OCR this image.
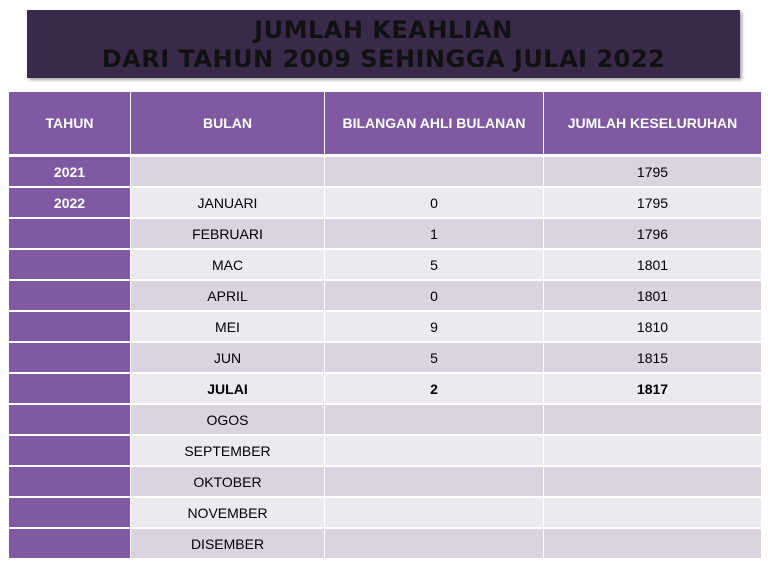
JUMLAH KEAHLIAN
DARI TAHUN 2009 SEHINGGA JULAI 2022
TAHUN	BULAN	BILANGAN AHLI BULANAN	JUMLAH KESELURUHAN
2021			1795
2022	JANUARI	0	1795
	FEBRUARI	1	1796
	MAC	5	1801
	APRIL	0	1801
	MEI	9	1810
	JUN	5	1815
	JULAI	2	1817
	OGOS		
	SEPTEMBER		
	OKTOBER		
	NOVEMBER		
	DISEMBER		
